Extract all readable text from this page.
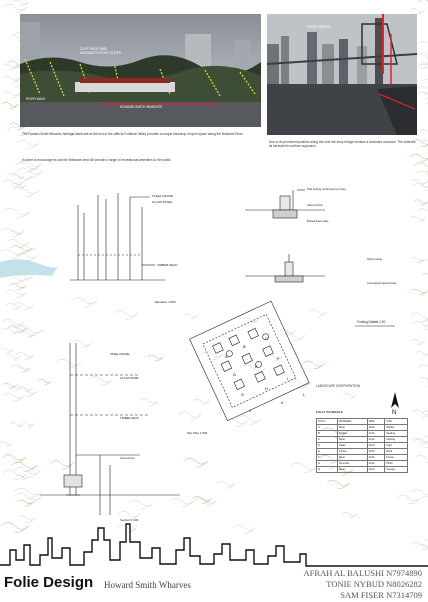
CLIFF FACE PARK
KANGAROO POINT CLIFFS
HOWARD SMITH WHARVES
RIVER WALK
STORY BRIDGE
The Howard Smith Wharves heritage-listed site at the foot of the cliffs at Fortitude Valley provides a unique backdrop of open space along the Brisbane River.
In order to encourage its use the Brisbane area will provide a range of recreational amenities to the public.
Due to its prominent position along the river the story bridge remains a landmark structure. The wharves sit beneath its northern approach.
STEEL FRAME
GLASS PANEL
TIMBER DECK
Elevation 1:500
Pad footing reinforced concrete
Steel column
Bolted base plate
Strip footing
Compacted gravel base
Footing Details 1:20
A
B
C
D
E
F
G
H
I
J
K
L
Site Plan 1:500
N
LANDSCAPE INTERVENTION
FOLLY SCHEDULE
FOLLY	MATERIAL	SIZE	USE
A	Steel	3x3m	Shelter
B	Timber	2x4m	Seating
C	Steel	4x4m	Viewing
D	Glass	2x2m	Light
E	Timber	3x5m	Deck
F	Steel	2x3m	Frame
G	Concrete	3x3m	Plinth
H	Steel	4x2m	Canopy
STEEL FRAME
GLASS PANEL
TIMBER DECK
Ground line
Section 1:100
Folie Design Howard Smith Wharves
AFRAH AL BALUSHI N7974890
TONIE NYBUD N8026282
SAM FISER N7314709
